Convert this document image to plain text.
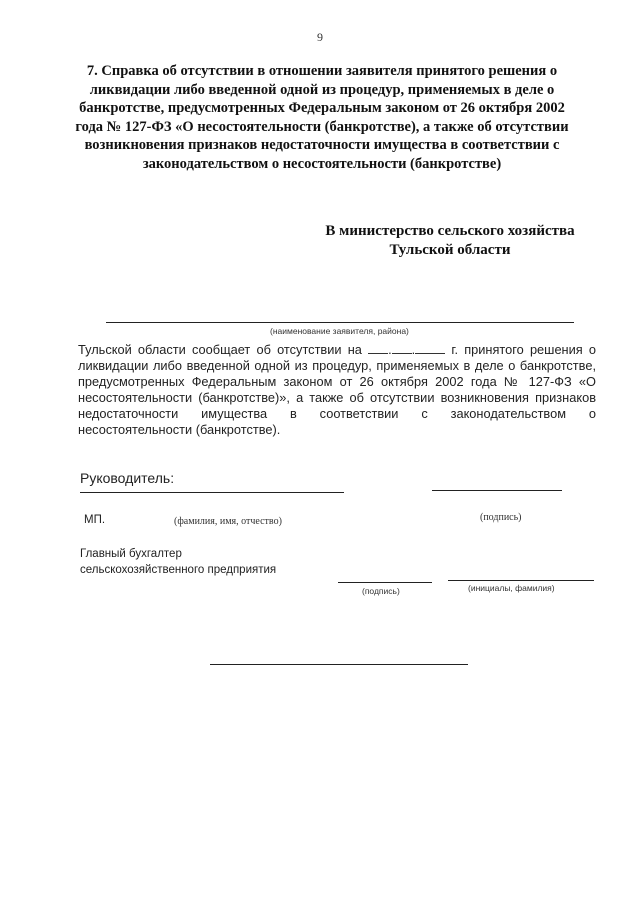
9
7. Справка об отсутствии в отношении заявителя принятого решения о ликвидации либо введенной одной из процедур, применяемых в деле о банкротстве, предусмотренных Федеральным законом от 26 октября 2002 года № 127-ФЗ «О несостоятельности (банкротстве), а также об отсутствии возникновения признаков недостаточности имущества в соответствии с законодательством о несостоятельности (банкротстве)
В министерство сельского хозяйства
Тульской области
(наименование заявителя, района)
Тульской области сообщает об отсутствии на . . г. принятого решения о ликвидации либо введенной одной из процедур, применяемых в деле о банкротстве, предусмотренных Федеральным законом от 26 октября 2002 года № 127-ФЗ «О несостоятельности (банкротстве)», а также об отсутствии возникновения признаков недостаточности имущества в соответствии с законодательством о несостоятельности (банкротстве).
Руководитель:
МП.	(фамилия, имя, отчество)	(подпись)
Главный бухгалтер сельскохозяйственного предприятия
(подпись)	(инициалы, фамилия)
